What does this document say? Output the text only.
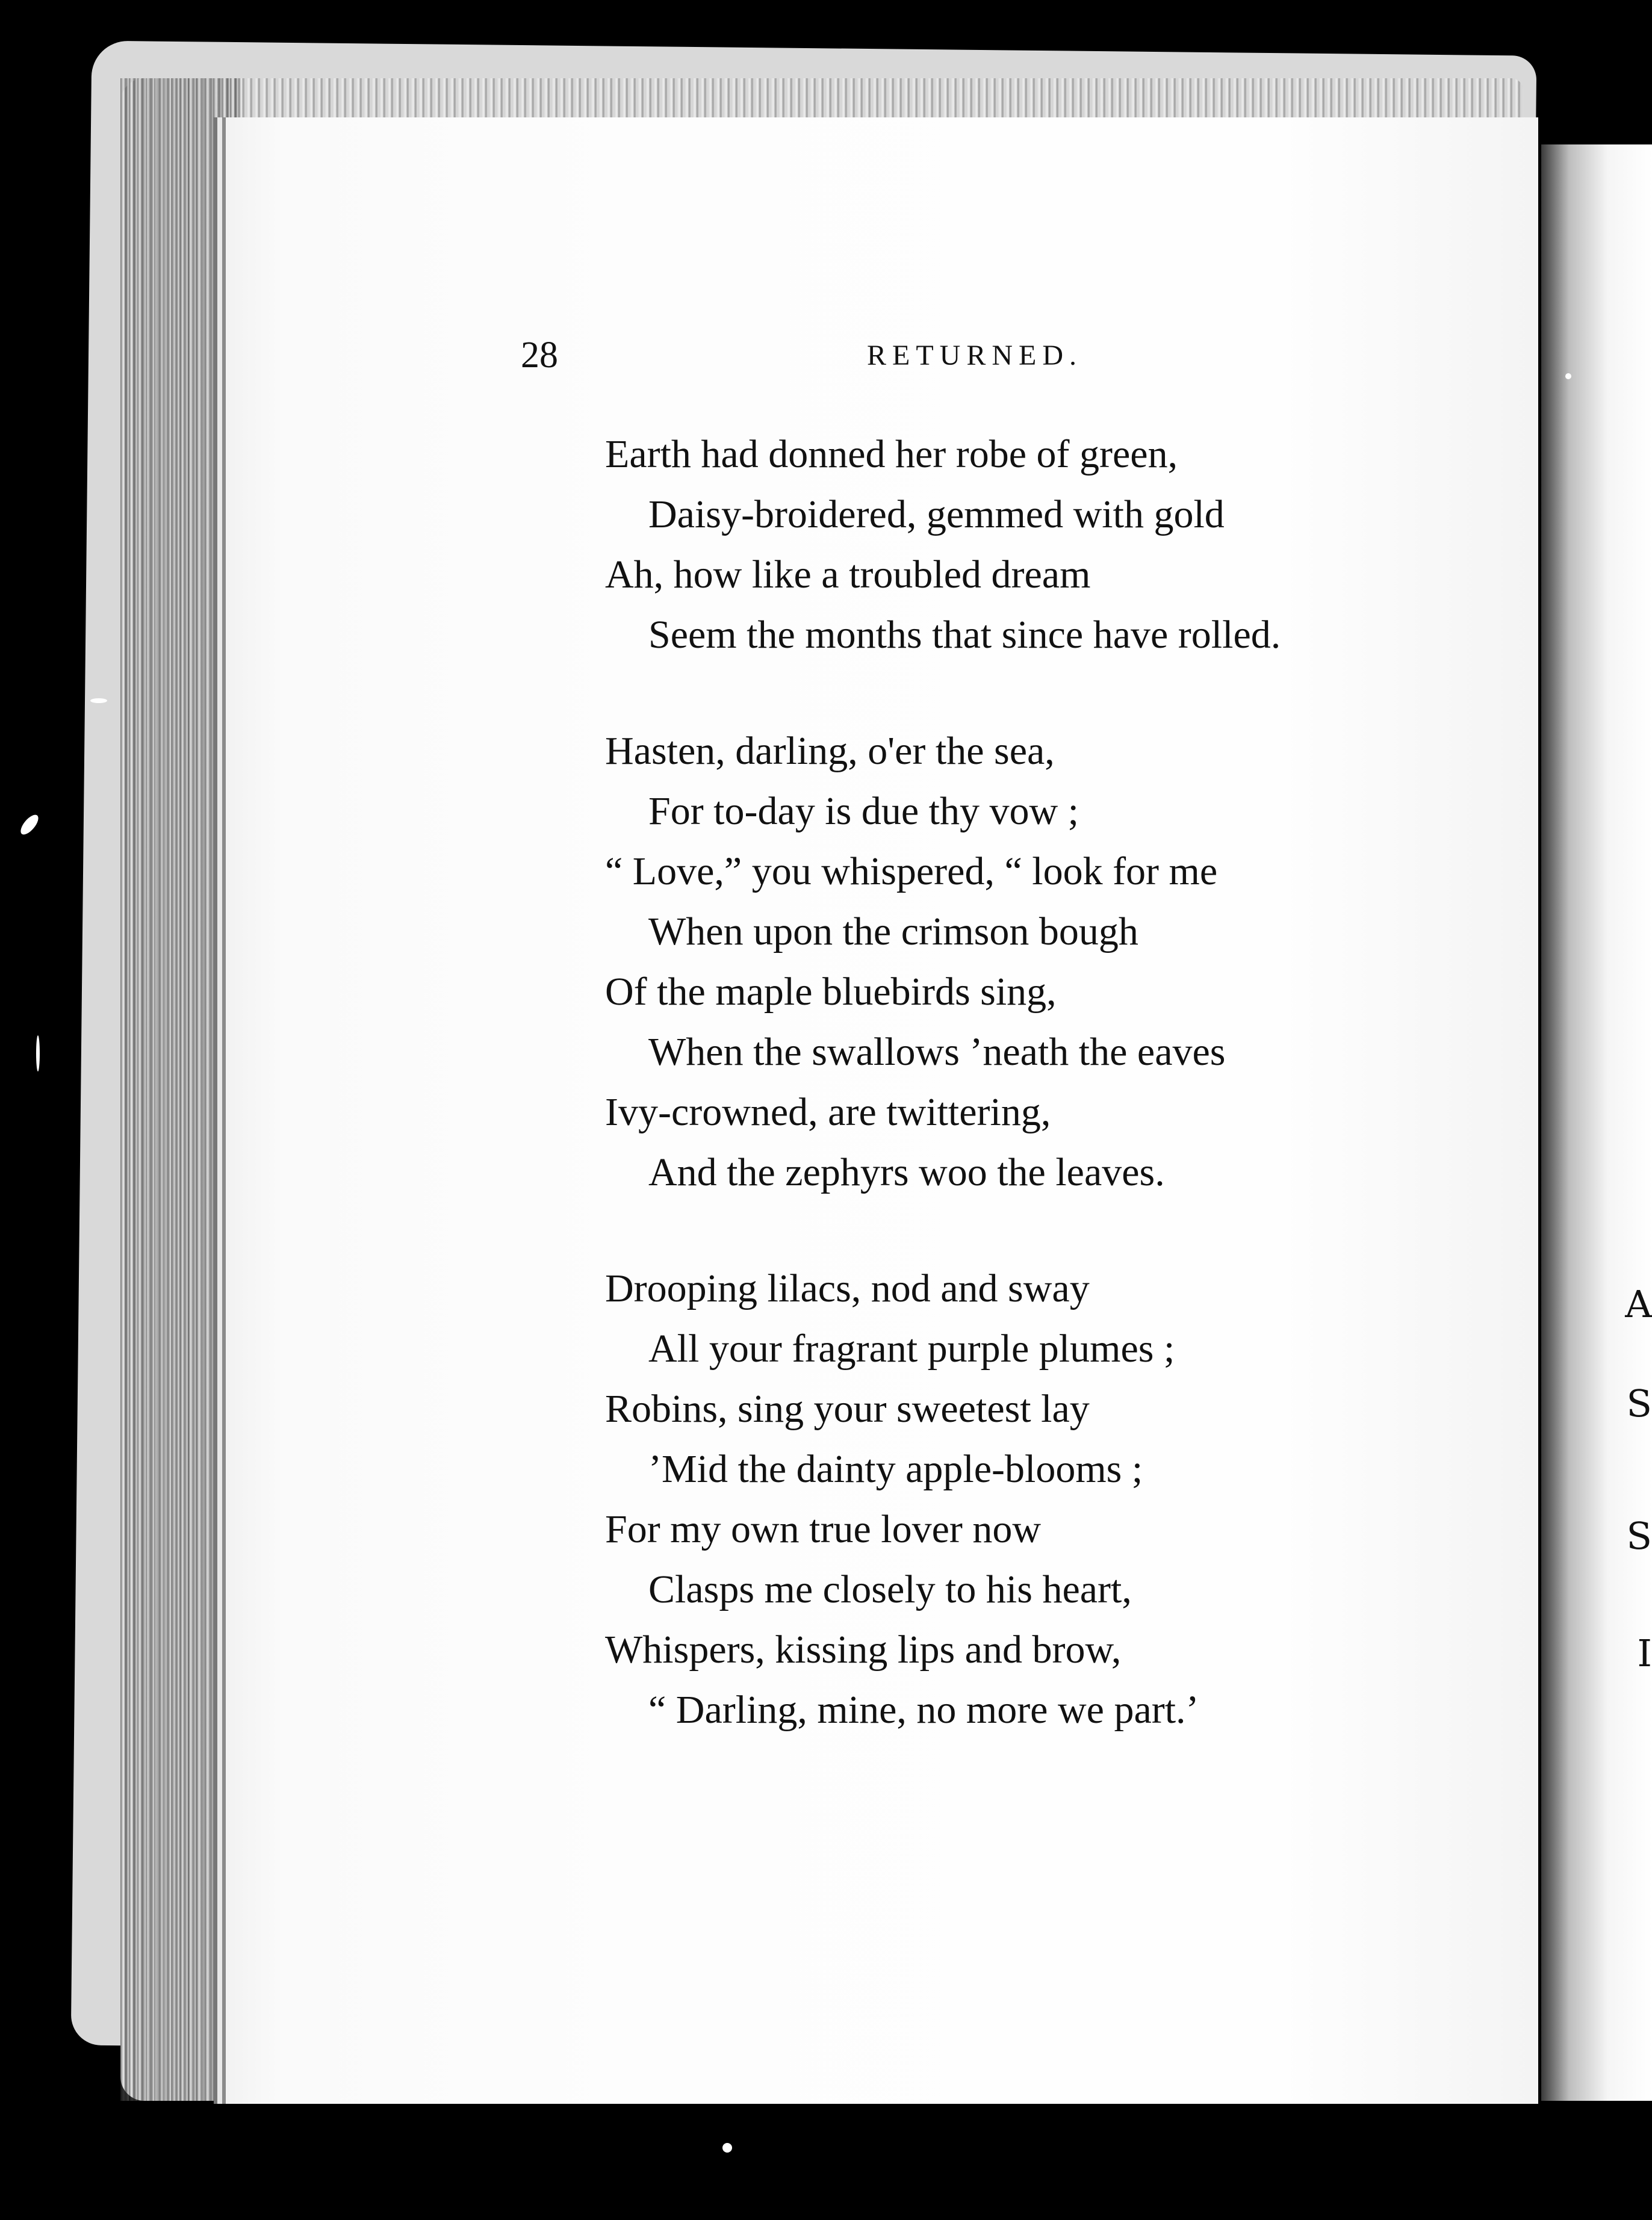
A
S
S
I
28	RETURNED.
Earth had donned her robe of green,
Daisy-broidered, gemmed with gold
Ah, how like a troubled dream
Seem the months that since have rolled.
Hasten, darling, o'er the sea,
For to-day is due thy vow ;
“ Love,” you whispered, “ look for me
When upon the crimson bough
Of the maple bluebirds sing,
When the swallows ’neath the eaves
Ivy-crowned, are twittering,
And the zephyrs woo the leaves.
Drooping lilacs, nod and sway
All your fragrant purple plumes ;
Robins, sing your sweetest lay
’Mid the dainty apple-blooms ;
For my own true lover now
Clasps me closely to his heart,
Whispers, kissing lips and brow,
“ Darling, mine, no more we part.’
